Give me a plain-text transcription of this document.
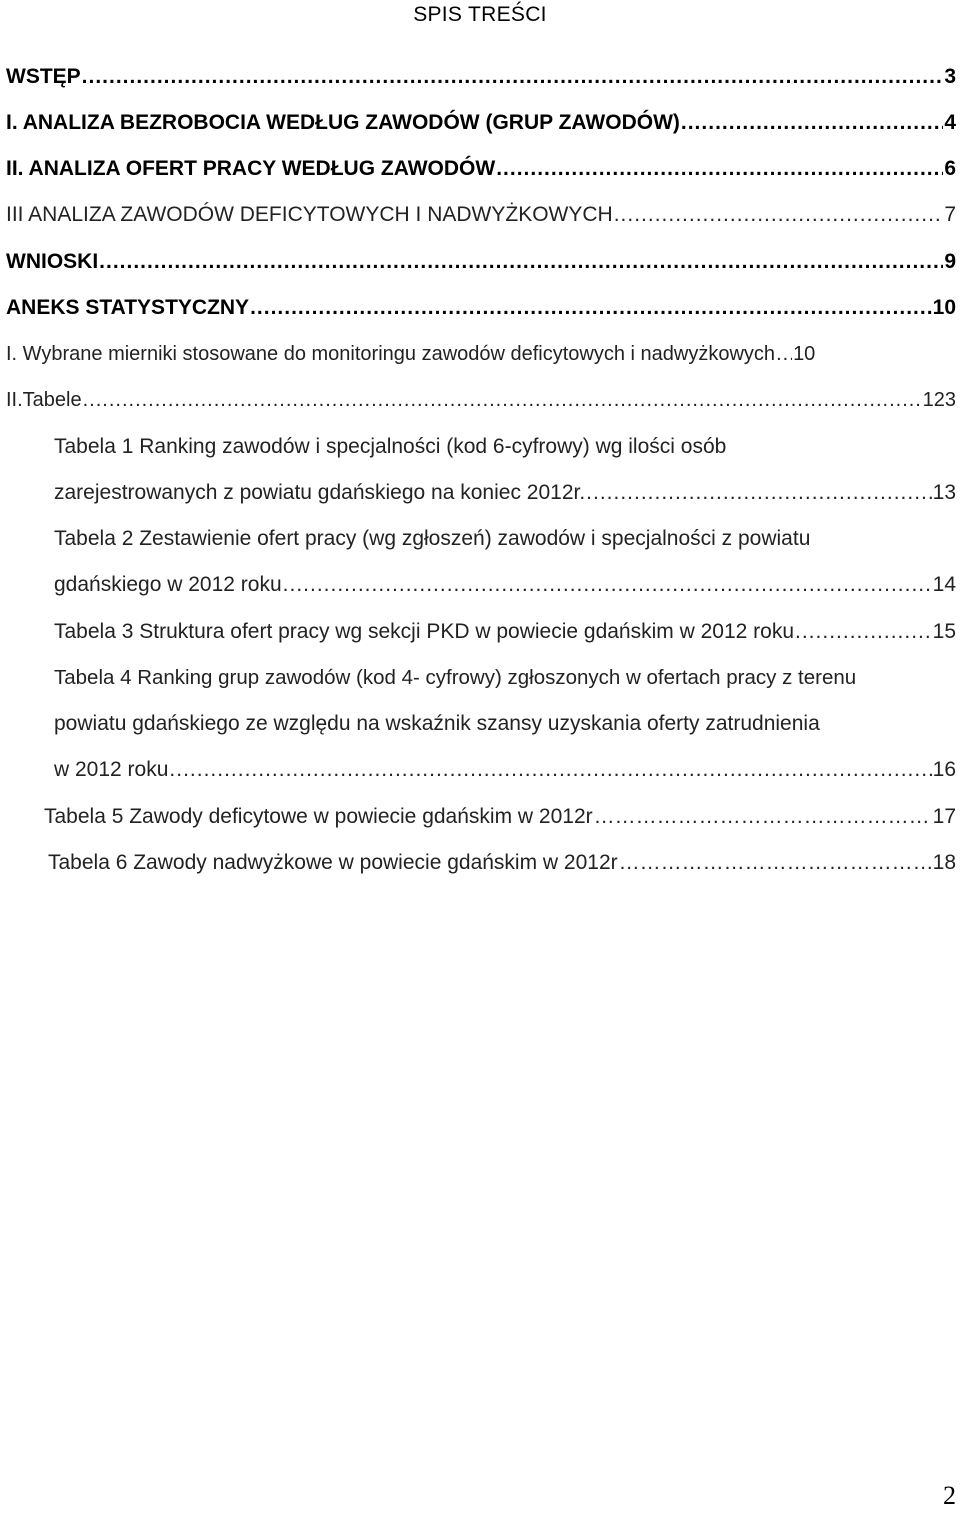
SPIS TREŚCI
WSTĘP .....	3
I. ANALIZA BEZROBOCIA WEDŁUG ZAWODÓW (GRUP ZAWODÓW) .....	4
II. ANALIZA OFERT PRACY WEDŁUG ZAWODÓW .....	6
III ANALIZA ZAWODÓW DEFICYTOWYCH I NADWYŻKOWYCH .....	7
WNIOSKI .....	9
ANEKS STATYSTYCZNY .....	10
I. Wybrane mierniki stosowane do monitoringu zawodów deficytowych i nadwyżkowych ..... 10
II.Tabele .....	123
Tabela 1 Ranking zawodów i specjalności (kod 6-cyfrowy) wg ilości osób
zarejestrowanych z powiatu gdańskiego na koniec 2012r. .....	13
Tabela 2 Zestawienie ofert pracy (wg zgłoszeń) zawodów i specjalności z powiatu
gdańskiego w 2012 roku .....	14
Tabela 3 Struktura ofert pracy wg sekcji PKD w powiecie gdańskim w 2012 roku .....	15
Tabela 4 Ranking grup zawodów (kod 4- cyfrowy) zgłoszonych w ofertach pracy z terenu
powiatu gdańskiego ze względu na wskaźnik szansy uzyskania oferty zatrudnienia
w 2012 roku .....	16
Tabela 5 Zawody deficytowe w powiecie gdańskim w 2012r ……………………………………………………………………………………………………………………………………	17
Tabela 6 Zawody nadwyżkowe w powiecie gdańskim w 2012r ……………………………………………………………………………………………………………………………………	18
2
